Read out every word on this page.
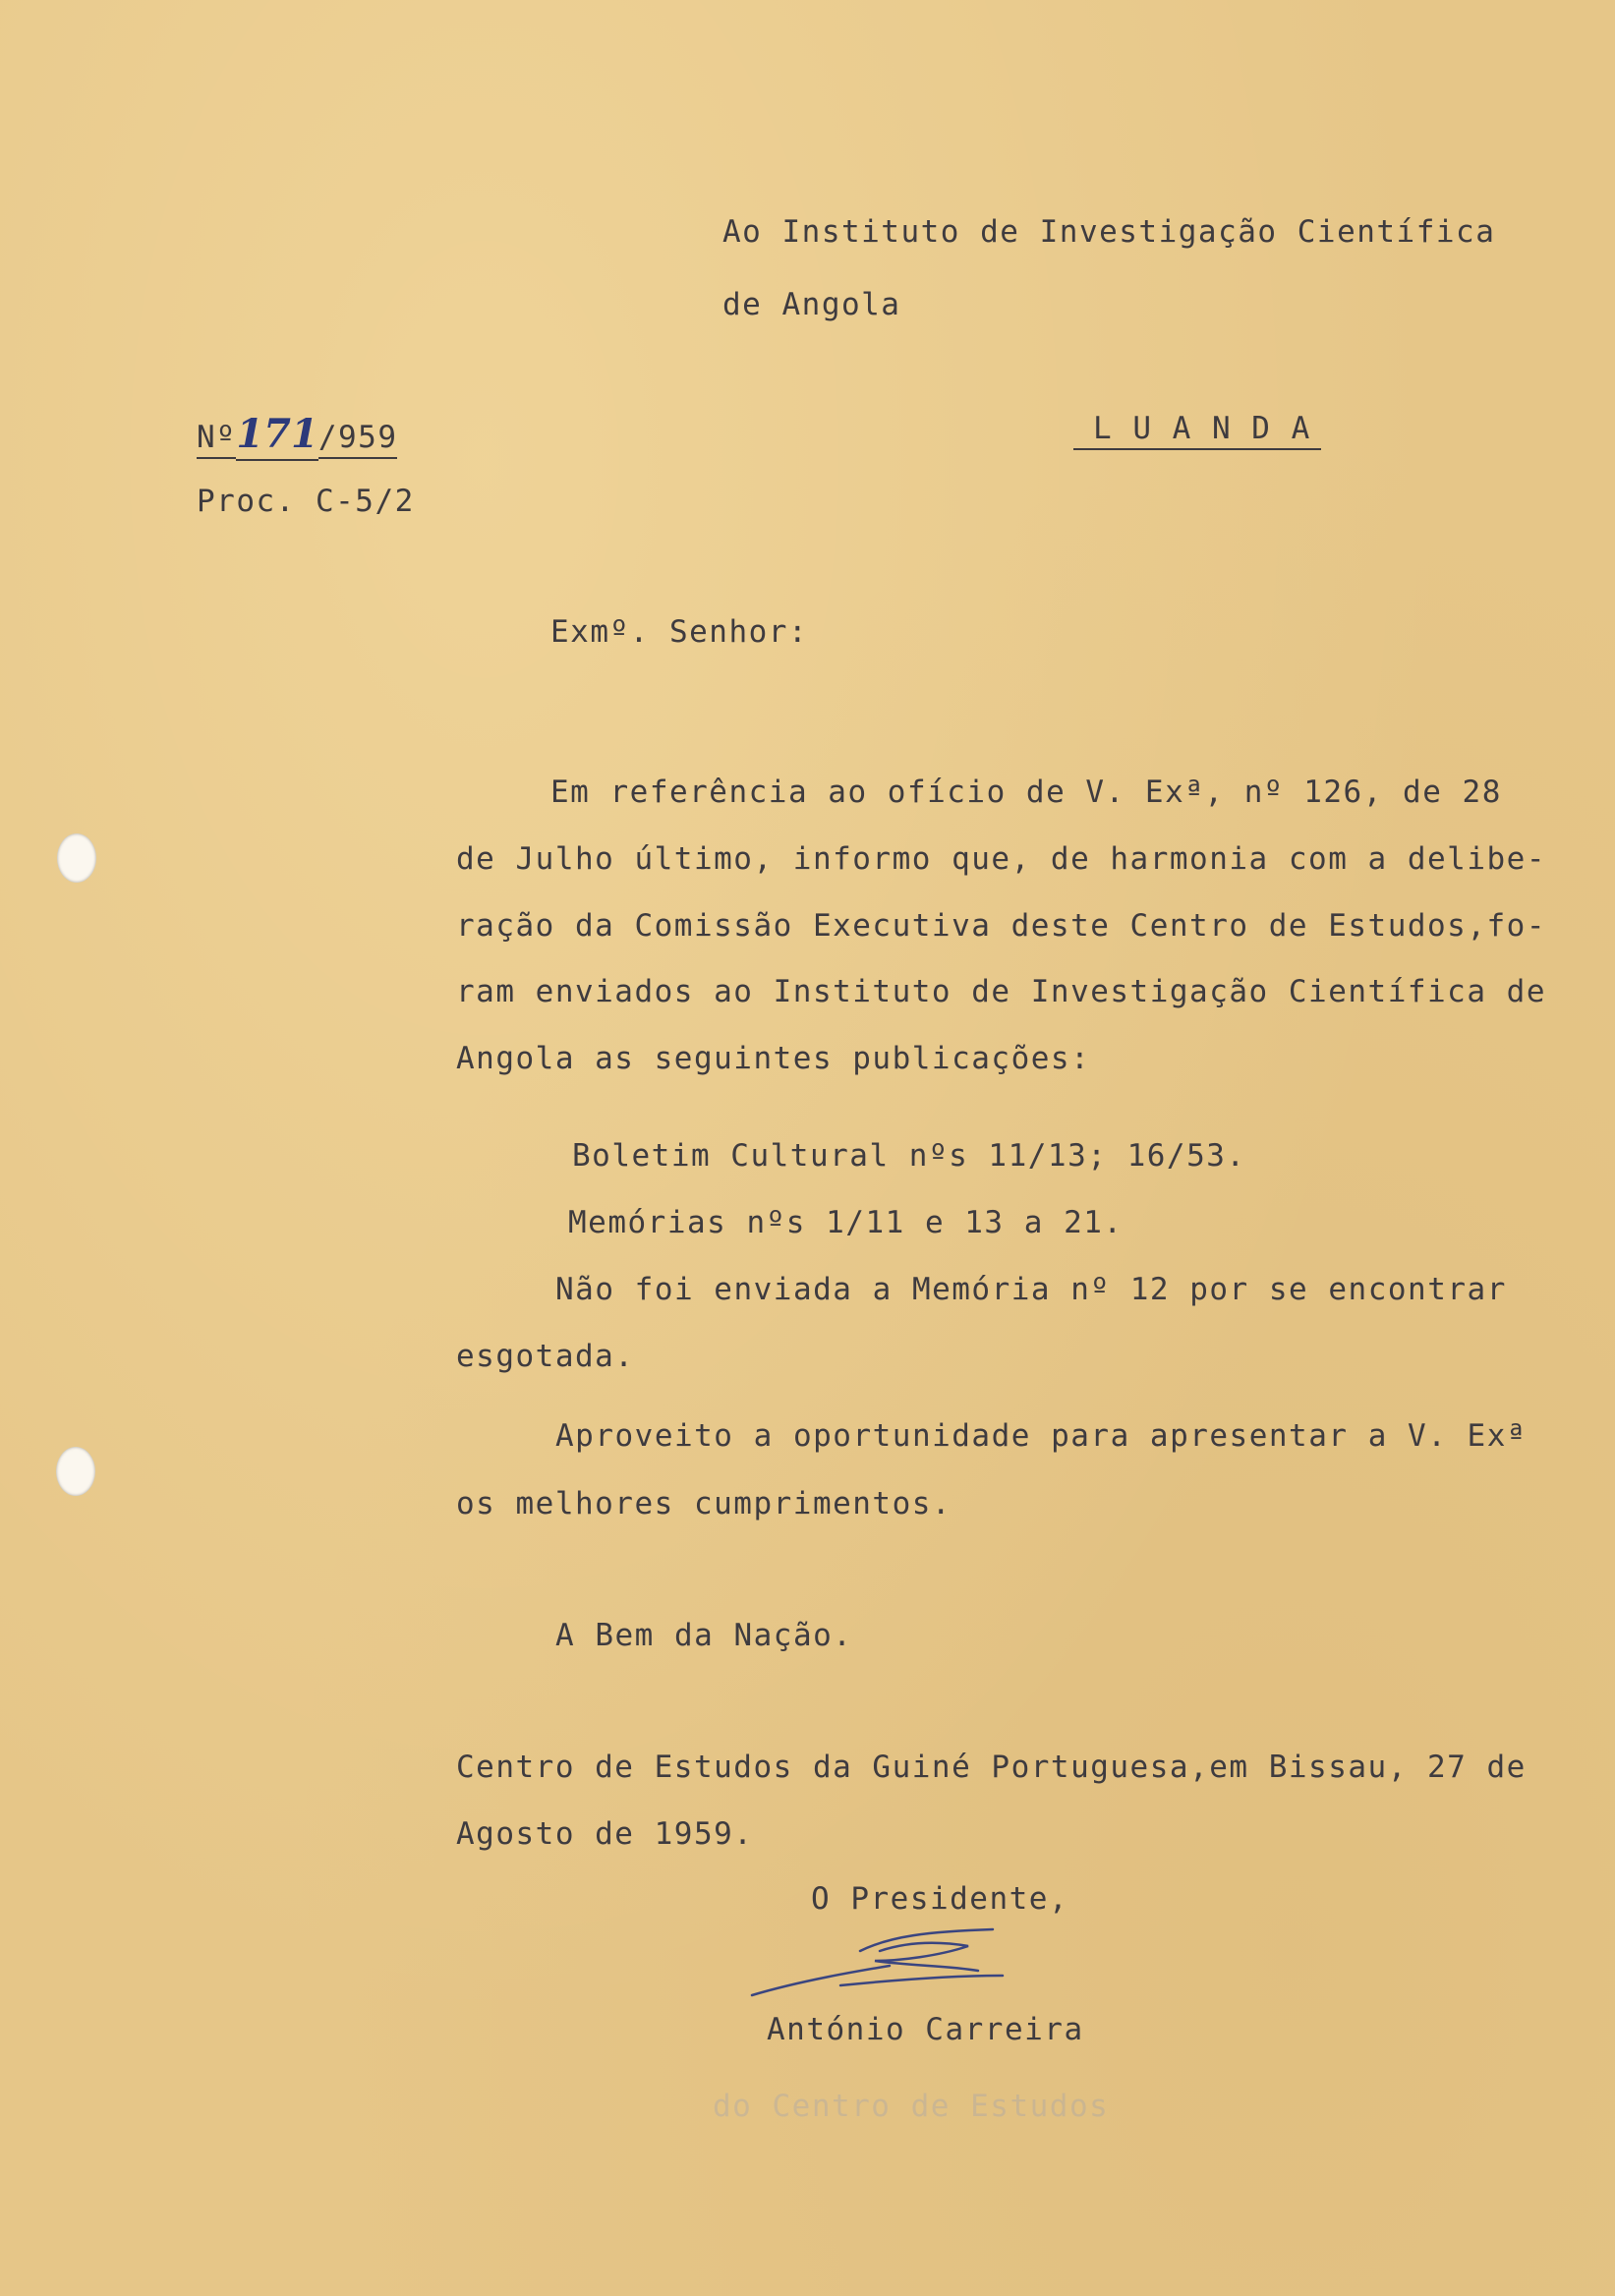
Ao Instituto de Investigação Científica
de Angola
Nº171/959
Proc. C-5/2
L U A N D A
Exmº. Senhor:
Em referência ao ofício de V. Exª, nº 126, de 28
de Julho último, informo que, de harmonia com a delibe-
ração da Comissão Executiva deste Centro de Estudos,fo-
ram enviados ao Instituto de Investigação Científica de
Angola as seguintes publicações:
Boletim Cultural nºs 11/13; 16/53.
Memórias nºs 1/11 e 13 a 21.
Não foi enviada a Memória nº 12 por se encontrar
esgotada.
Aproveito a oportunidade para apresentar a V. Exª
os melhores cumprimentos.
A Bem da Nação.
Centro de Estudos da Guiné Portuguesa,em Bissau, 27 de
Agosto de 1959.
O Presidente,
António Carreira
do Centro de Estudos
